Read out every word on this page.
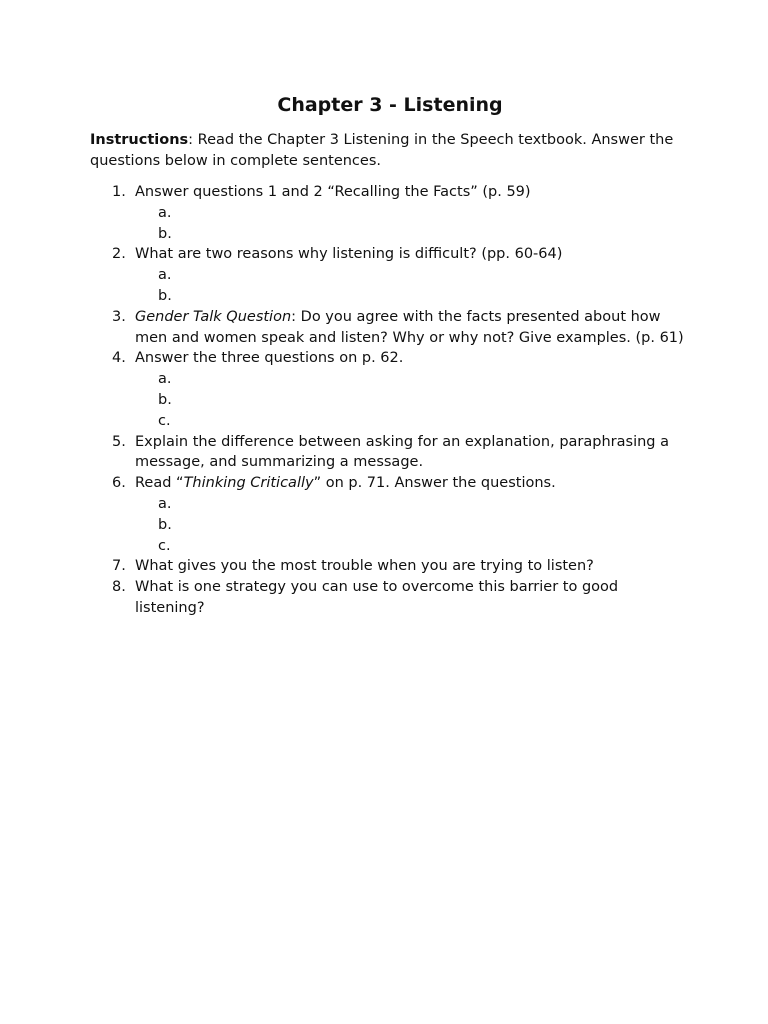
Chapter 3 - Listening

Instructions: Read the Chapter 3 Listening in the Speech textbook. Answer the questions below in complete sentences.

1. Answer questions 1 and 2 “Recalling the Facts” (p. 59)
a.
b.
2. What are two reasons why listening is difficult? (pp. 60-64)
a.
b.
3. Gender Talk Question: Do you agree with the facts presented about how men and women speak and listen? Why or why not? Give examples. (p. 61)
4. Answer the three questions on p. 62.
a.
b.
c.
5. Explain the difference between asking for an explanation, paraphrasing a message, and summarizing a message.
6. Read “Thinking Critically” on p. 71. Answer the questions.
a.
b.
c.
7. What gives you the most trouble when you are trying to listen?
8. What is one strategy you can use to overcome this barrier to good listening?
